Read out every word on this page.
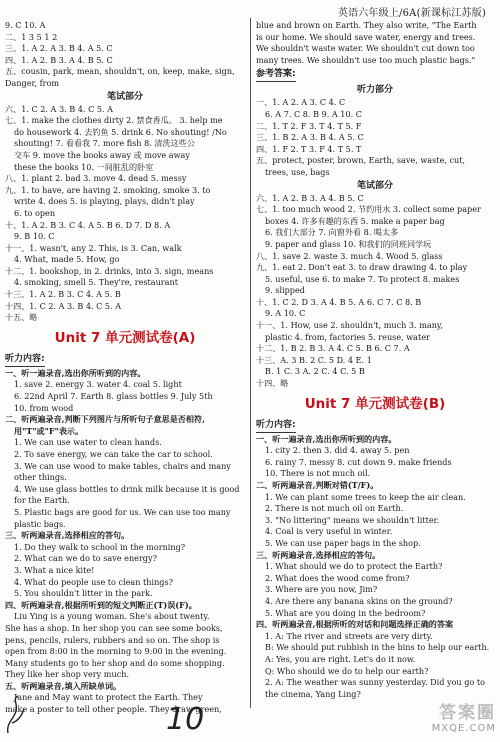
英语六年级上/6A(新课标江苏版)
9. C 10. A
二、1 3 5 1 2
三、1. A 2. A 3. B 4. A 5. C
四、1. A 2. B 3. A 4. B 5. C
五、cousin, park, mean, shouldn't, on, keep, make, sign,
Danger, from
笔试部分
六、1. C 2. A 3. B 4. C 5. A
七、1. make the clothes dirty 2. 禁食香瓜。 3. help me
do housework 4. 去钓鱼 5. drink 6. No shouting! /No
shouting! 7. 看看我 7. more fish 8. 清洗这些公
交车 9. move the books away 或 move away
these the books 10. 一间脏乱的卧室
八、1. plant 2. bad 3. move 4. dead 5. messy
九、1. to have, are having 2. smoking, smoke 3. to
write 4. does 5. is playing, plays, didn't play
6. to open
十、1. A 2. B 3. C 4. A 5. B 6. D 7. D 8. A
9. B 10. C
十一、1. wasn't, any 2. This, is 3. Can, walk
4. What, made 5. How, go
十二、1. bookshop, in 2. drinks, into 3. sign, means
4. smoking, smell 5. They're, restaurant
十三、1. A 2. B 3. C 4. A 5. B
十四、1. C 2. A 3. B 4. C 5. A
十五、略
Unit 7 单元测试卷(A)
听力内容:
一、听一遍录音,选出你所听到的内容。
1. save 2. energy 3. water 4. coal 5. light
6. 22nd April 7. Earth 8. glass bottles 9. July 5th
10. from wood
二、听两遍录音,判断下列图片与所听句子意思是否相符,
用"T"或"F"表示。
1. We can use water to clean hands.
2. To save energy, we can take the car to school.
3. We can use wood to make tables, chairs and many
other things.
4. We use glass bottles to drink milk because it is good
for the Earth.
5. Plastic bags are good for us. We can use too many
plastic bags.
三、听两遍录音,选择相应的答句。
1. Do they walk to school in the morning?
2. What can we do to save energy?
3. What a nice kite!
4. What do people use to clean things?
5. You shouldn't litter in the park.
四、听两遍录音,根据所听到的短文判断正(T)误(F)。
Liu Ying is a young woman. She's about twenty.
She has a shop. In her shop you can see some books,
pens, pencils, rulers, rubbers and so on. The shop is
open from 8:00 in the morning to 9:00 in the evening.
Many students go to her shop and do some shopping.
They like her shop very much.
五、听两遍录音,填入所缺单词。
Jane and May want to protect the Earth. They
make a poster to tell other people. They draw green,
blue and brown on Earth. They also write, "The Earth
is our home. We should save water, energy and trees.
We shouldn't waste water. We shouldn't cut down too
many trees. We shouldn't use too much plastic bags."
参考答案:
听力部分
一、1. A 2. A 3. C 4. C
6. A 7. C 8. B 9. A 10. C
二、1. T 2. F 3. T 4. T 5. F
三、1. B 2. A 3. B 4. A 5. C
四、1. F 2. T 3. F 4. T 5. T
五、protect, poster, brown, Earth, save, waste, cut,
trees, use, bags
笔试部分
六、1. A 2. B 3. A 4. B 5. C
七、1. too much wood 2. 节约用水 3. collect some paper
boxes 4. 许多有趣的东西 5. make a paper bag
6. 我们大部分 7. 向窗外看 8. 喝太多
9. paper and glass 10. 和我们的同班同学玩
八、1. save 2. waste 3. much 4. Wood 5. glass
九、1. eat 2. Don't eat 3. to draw drawing 4. to play
5. useful, use 6. to make 7. To protect 8. makes
9. slipped
十、1. C 2. D 3. A 4. B 5. A 6. C 7. C 8. B
9. A 10. C
十一、1. How, use 2. shouldn't, much 3. many,
plastic 4. from, factories 5. reuse, water
十二、1. B 2. B 3. A 4. C 5. B 6. C 7. A
十三、A. 3 B. 2 C. 5 D. 4 E. 1
B. 1 C. 3 A. 2 C. 4 C. 5 B
十四、略
Unit 7 单元测试卷(B)
听力内容:
一、听一遍录音,选出你所听到的内容。
1. city 2. then 3. did 4. away 5. pen
6. rainy 7. messy 8. cut down 9. make friends
10. There is not much oil.
二、听两遍录音,判断对错(T/F)。
1. We can plant some trees to keep the air clean.
2. There is not much oil on Earth.
3. "No littering" means we shouldn't litter.
4. Coal is very useful in winter.
5. We can use paper bags in the shop.
三、听两遍录音,选择相应的答句。
1. What should we do to protect the Earth?
2. What does the wood come from?
3. Where are you now, Jim?
4. Are there any banana skins on the ground?
5. What are you doing in the bedroom?
四、听两遍录音,根据所听的对话和问题选择正确的答案
1. A: The river and streets are very dirty.
B: We should put rubbish in the bins to help our earth.
A: Yes, you are right. Let's do it now.
Q: Who should we do to help our earth?
2. A: The weather was sunny yesterday. Did you go to
the cinema, Yang Ling?
10	答案圈
MXQE.COM
